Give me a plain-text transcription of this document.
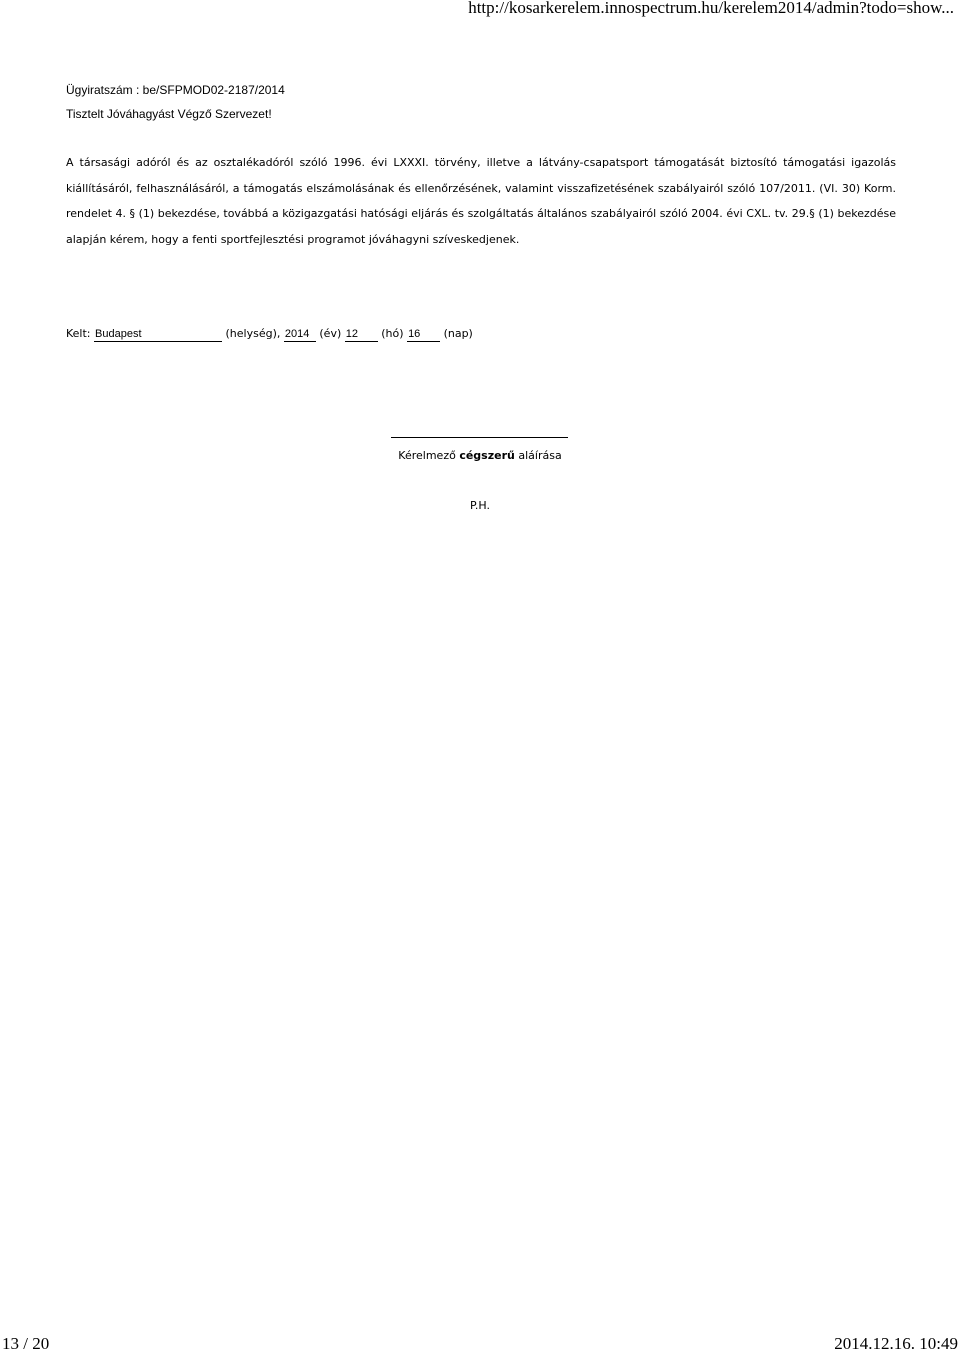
http://kosarkerelem.innospectrum.hu/kerelem2014/admin?todo=show...
Ügyiratszám : be/SFPMOD02-2187/2014
Tisztelt Jóváhagyást Végző Szervezet!
A társasági adóról és az osztalékadóról szóló 1996. évi LXXXI. törvény, illetve a látvány-csapatsport támogatását biztosító támogatási igazolás kiállításáról, felhasználásáról, a támogatás elszámolásának és ellenőrzésének, valamint visszafizetésének szabályairól szóló 107/2011. (VI. 30) Korm. rendelet 4. § (1) bekezdése, továbbá a közigazgatási hatósági eljárás és szolgáltatás általános szabályairól szóló 2004. évi CXL. tv. 29.§ (1) bekezdése alapján kérem, hogy a fenti sportfejlesztési programot jóváhagyni szíveskedjenek.
Kelt: Budapest	(helység), 2014 (év) 12 (hó) 16 (nap)
Kérelmező cégszerű aláírása
P.H.
13 / 20	2014.12.16. 10:49
